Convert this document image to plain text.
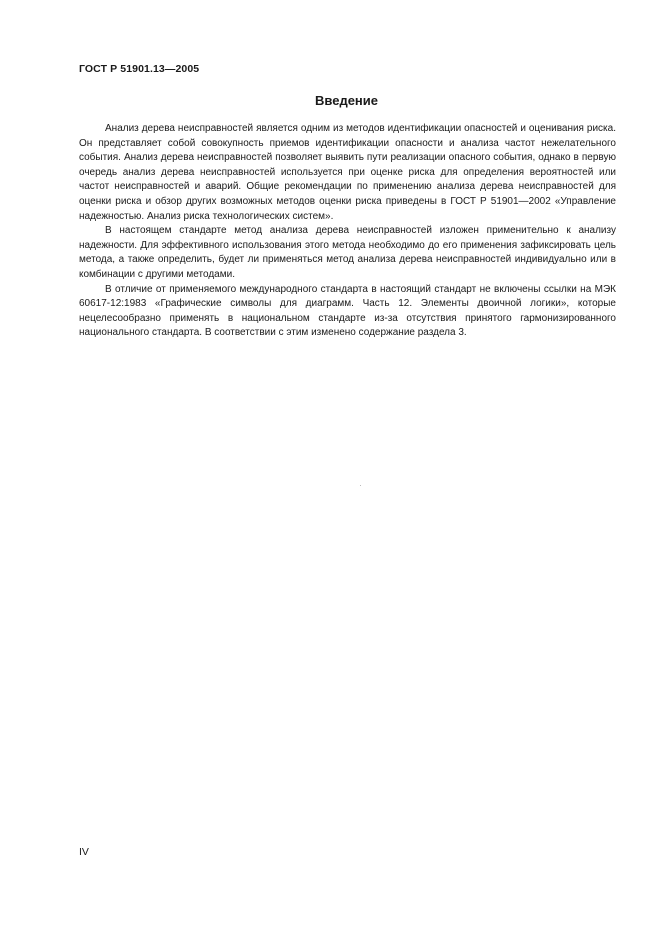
ГОСТ Р 51901.13—2005
Введение

Анализ дерева неисправностей является одним из методов идентификации опасностей и оценивания риска. Он представляет собой совокупность приемов идентификации опасности и анализа частот нежелательного события. Анализ дерева неисправностей позволяет выявить пути реализации опасного события, однако в первую очередь анализ дерева неисправностей используется при оценке риска для определения вероятностей или частот неисправностей и аварий. Общие рекомендации по применению анализа дерева неисправностей для оценки риска и обзор других возможных методов оценки риска приведены в ГОСТ Р 51901—2002 «Управление надежностью. Анализ риска технологических систем».

В настоящем стандарте метод анализа дерева неисправностей изложен применительно к анализу надежности. Для эффективного использования этого метода необходимо до его применения зафиксировать цель метода, а также определить, будет ли применяться метод анализа дерева неисправностей индивидуально или в комбинации с другими методами.

В отличие от применяемого международного стандарта в настоящий стандарт не включены ссылки на МЭК 60617-12:1983 «Графические символы для диаграмм. Часть 12. Элементы двоичной логики», которые нецелесообразно применять в национальном стандарте из-за отсутствия принятого гармонизированного национального стандарта. В соответствии с этим изменено содержание раздела 3.

IV
